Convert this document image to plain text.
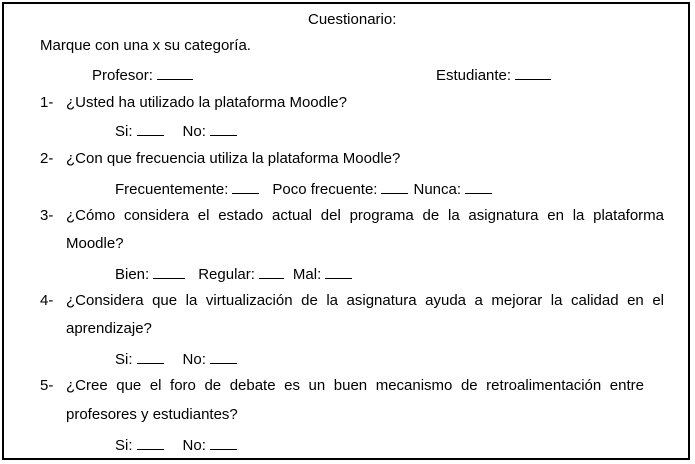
Cuestionario:
Marque con una x su categoría.
Profesor:	Estudiante:
1- ¿Usted ha utilizado la plataforma Moodle?
Si:	No:
2- ¿Con que frecuencia utiliza la plataforma Moodle?
Frecuentemente:	Poco frecuente: Nunca:
3- ¿Cómo considera el estado actual del programa de la asignatura en la plataforma
Moodle?
Bien:	Regular:	Mal:
4- ¿Considera que la virtualización de la asignatura ayuda a mejorar la calidad en el
aprendizaje?
Si:	No:
5- ¿Cree que el foro de debate es un buen mecanismo de retroalimentación entre
profesores y estudiantes?
Si:	No:
